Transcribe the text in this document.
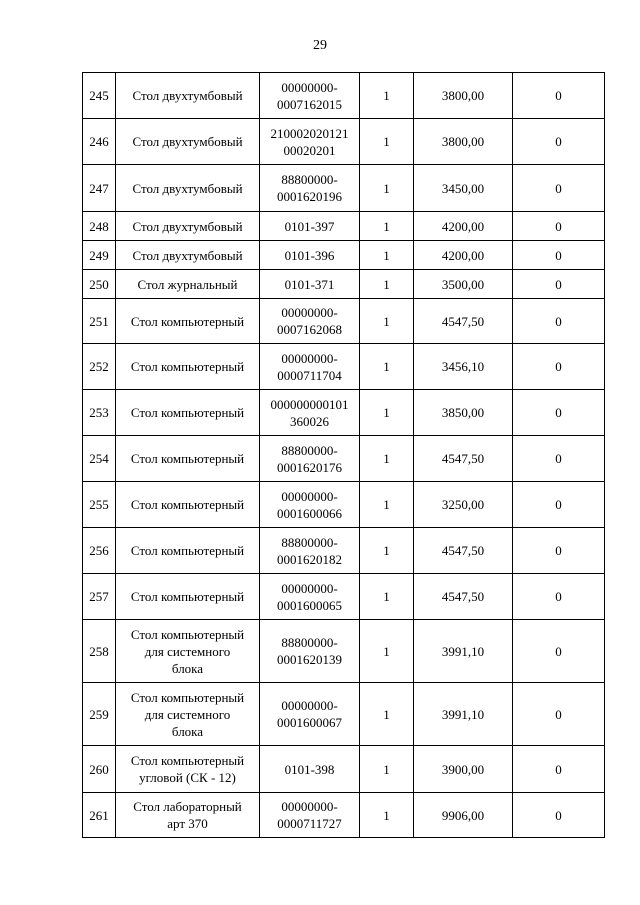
29
245	Стол двухтумбовый	00000000-
0007162015	1	3800,00	0
246	Стол двухтумбовый	210002020121
00020201	1	3800,00	0
247	Стол двухтумбовый	88800000-
0001620196	1	3450,00	0
248	Стол двухтумбовый	0101-397	1	4200,00	0
249	Стол двухтумбовый	0101-396	1	4200,00	0
250	Стол журнальный	0101-371	1	3500,00	0
251	Стол компьютерный	00000000-
0007162068	1	4547,50	0
252	Стол компьютерный	00000000-
0000711704	1	3456,10	0
253	Стол компьютерный	000000000101
360026	1	3850,00	0
254	Стол компьютерный	88800000-
0001620176	1	4547,50	0
255	Стол компьютерный	00000000-
0001600066	1	3250,00	0
256	Стол компьютерный	88800000-
0001620182	1	4547,50	0
257	Стол компьютерный	00000000-
0001600065	1	4547,50	0
258	Стол компьютерный
для системного
блока	88800000-
0001620139	1	3991,10	0
259	Стол компьютерный
для системного
блока	00000000-
0001600067	1	3991,10	0
260	Стол компьютерный
угловой (СК - 12)	0101-398	1	3900,00	0
261	Стол лабораторный
арт 370	00000000-
0000711727	1	9906,00	0
